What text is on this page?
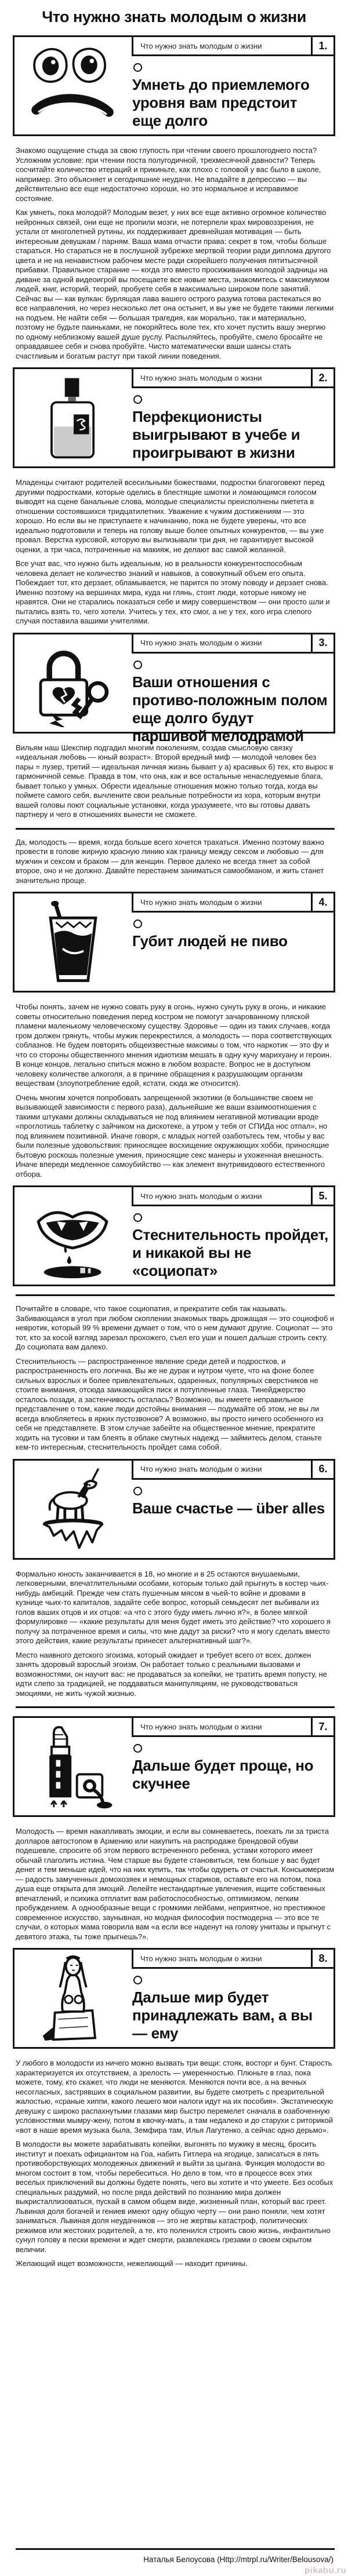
Что нужно знать молодым о жизни
Что нужно знать молодым о жизни	1.
Умнеть до приемлемого уровня вам предстоит еще долго

Знакомо ощущение стыда за свою глупость при чтении своего прошлогоднего поста? Усложним условие: при чтении поста полугодичной, трехмесячной давности? Теперь сосчитайте количество итераций и прикиньте, как плохо с головой у вас было в школе, например. Это объясняет и сегодняшние неудачи. Не впадайте в депрессию — вы действительно все еще недостаточно хороши, но это нормальное и исправимое состояние.

Как умнеть, пока молодой? Молодым везет, у них все еще активно огромное количество нейронных связей, они еще не пропили мозги, не потерпели крах мировоззрения, не устали от многолетней рутины, их поддерживает древнейшая мотивация — быть интересным девушкам / парням. Ваша мама отчасти права: секрет в том, чтобы больше стараться. Но стараться не в послушной зубрежке мертвой теории ради диплома другого цвета и не на ненавистном рабочем месте ради скорейшего получения пятитысячной прибавки. Правильное старание — когда это вместо просиживания молодой задницы на диване за одной видеоигрой вы посещаете все новые места, знакомитесь с максимумом людей, книг, историй, теорий, пробуете себя в максимально широком поле занятий. Сейчас вы — как вулкан: бурлящая лава вашего острого разума готова растекаться во все направления, но через несколько лет она остынет, и вы уже не будете такими легкими на подъем. Не найти себя — большая трагедия, как морально, так и материально, поэтому не будьте паиньками, не покоряйтесь воле тех, кто хочет пустить вашу энергию по одному неблизкому вашей душе руслу. Распыляйтесь, пробуйте, смело бросайте не оправдавшее себя и снова пробуйте. Чисто математически ваши шансы стать счастливым и богатым растут при такой линии поведения.

Что нужно знать молодым о жизни	2.
Перфекционисты выигрывают в учебе и проигрывают в жизни

Младенцы считают родителей всесильными божествами, подростки благоговеют перед другими подростками, которые оделись в блестящие шмотки и ломающимся голосом выводят на сцене банальные слова, молодые специалисты преисполнены пиетета в отношении состоявшихся тридцатилетних. Уважение к чужим достижениям — это хорошо. Но если вы не приступаете к начинанию, пока не будете уверены, что все идеально подготовили и теперь на голову выше более опытных конкурентов, — вы уже провал. Верстка курсовой, которую вы вылизывали три дня, не гарантирует высокой оценки, а три часа, потраченные на макияж, не делают вас самой желанной.

Все учат вас, что нужно быть идеальным, но в реальности конкурентоспособным человека делает не количество знаний и навыков, а совокупный объем его опыта. Побеждает тот, кто дерзает, обламывается, не парится по этому поводу и дерзает снова. Именно поэтому на вершинах мира, куда ни глянь, стоят люди, которые никому не нравятся. Они не старались показаться себе и миру совершенством — они просто шли и пытались взять то, чего хотели. Учитесь у тех, кто смог, а не у тех, кого игра слепого случая поставила вашими учителями.

Что нужно знать молодым о жизни	3.
Ваши отношения с противо-положным полом еще долго будут паршивой мелодрамой

Вильям наш Шекспир подгадил многим поколениям, создав смысловую связку «идеальная любовь — юный возраст». Второй вредный миф — молодой человек без пары = лузер, третий — идеальная личная жизнь бывает у а) красивых б) тех, кто вырос в гармоничной семье. Правда в том, что она, как и все остальные ненаследуемые блага, бывает только у умных. Обрести идеальные отношения можно только тогда, когда вы поймете самого себя, вычлените свои реальные потребности из хора, которым внутри вашей головы поют социальные установки, когда уразумеете, что вы готовы давать партнеру и чего в отношениях вынести не сможете.

Да, молодость — время, когда больше всего хочется трахаться. Именно поэтому важно провести в голове жирную красную линию как границу между сексом и любовью — для мужчин и сексом и браком — для женщин. Первое далеко не всегда тянет за собой второе, оно и не должно. Давайте перестанем заниматься самообманом, и жить станет значительно проще.

Что нужно знать молодым о жизни	4.
Губит людей не пиво

Чтобы понять, зачем не нужно совать руку в огонь, нужно сунуть руку в огонь, и никакие советы относительно поведения перед костром не помогут зачарованному пляской пламени маленькому человеческому существу. Здоровье — один из таких случаев, когда гром должен грянуть, чтобы мужик перекрестился, а молодость — пора соответствующих соблазнов. Не будем повторять общеизвестные максимы о том, что наркотик — это фу и что со стороны общественного мнения идиотизм мешать в одну кучу марихуану и героин. В конце концов, легально спиться можно в любом возрасте. Вопрос не в доступном человеку количестве алкоголя, а в причине обращения к разрушающим организм веществам (злоупотребление едой, кстати, сюда же относится).

Очень многим хочется попробовать запрещенной экзотики (в большинстве своем не вызывающей зависимости с первого раза), дальнейшие же ваши взаимоотношения с такими штуками должны складываться не под влиянием негативной мотивации вроде «проглотишь таблетку с зайчиком на дискотеке, а утром у тебя от СПИДа нос отпал», но под влиянием позитивной. Иначе говоря, с младых ногтей озаботьтесь тем, чтобы у вас были полезные удовольствия: приносящее восхищение окружающих хобби, приносящие бытовую роскошь полезные умения, приносящие секс манеры и ухоженная внешность. Иначе впереди медленное самоубийство — как элемент внутривидового естественного отбора.

Что нужно знать молодым о жизни	5.
Стеснительность пройдет, и никакой вы не «социопат»

Почитайте в словаре, что такое социопатия, и прекратите себя так называть. Забивающаяся в угол при любом скоплении знакомых тварь дрожащая — это социофоб и невротик, который 99 % времени думает о том, что о нем думают другие. Социопат — это тот, кто за косой взгляд зарезал прохожего, съел его уши и пошел дальше строить секту. До социопата вам далеко.

Стеснительность — распространенное явление среди детей и подростков, и распространенность его логична. Вы же не дурак и нутром чуете, что на фоне более сильных взрослых и более привлекательных, одаренных, популярных сверстников не стоите внимания, отсюда заикающийся писк и потупленные глаза. Тинейджерство осталось позади, а застенчивость осталась? Возможно, вы имеете неправильное представление о том, какие люди достойны внимания — подумайте об этом, не вы ли всегда влюбляетесь в ярких пустозвонов? А возможно, вы просто ничего особенного из себя не представляете. В этом случае забейте на общественное мнение, прекратите ходить на тусовки и там блеять в облаке смутных надежд — займитесь делом, станьте кем-то интересным, стеснительность пройдет сама собой.

Что нужно знать молодым о жизни	6.
Ваше счастье — über alles

Формально юность заканчивается в 18, но многие и в 25 остаются внушаемыми, легковерными, впечатлительными особами, которым только дай прыгнуть в костер чьих-нибудь амбиций. Прежде чем стать пушечным мясом в чьей-то войне и дровами в кузнице чьих-то капиталов, задайте себе вопрос, который семьдесят лет выбивали из голов ваших отцов и их отцов: «а что с этого буду иметь лично я?», в более мягкой формулировке — «какие результаты для меня будет иметь это действие? что хорошего я получу за потраченное время и силы, что мне дадут за риски? что я могу сделать вместо этого действия, какие результаты принесет альтернативный шаг?».

Место наивного детского эгоизма, который ожидает и требует всего от всех, должен занять здоровый взрослый эгоизм. Он работает только с реальными вызовами и возможностями, он научит вас: не продаваться за копейки, не тратить время попусту, не идти слепо за традицией, не поддаваться манипуляциям, не руководствоваться эмоциями, не жить чужой жизнью.

Что нужно знать молодым о жизни	7.
Дальше будет проще, но скучнее

Молодость — время накапливать эмоции, и если вы сомневаетесь, поехать ли за триста долларов автостопом в Армению или накупить на распродаже брендовой обуви подешевле, спросите об этом первого встреченного ребенка, устами которого имеет обычай глаголить истина. Чем старше вы будете становиться, тем больше у вас будет денег и тем меньше идей, что на них купить, так чтобы одуреть от счастья. Консьюмеризм — радость замученных домохозяек и немощных стариков, оставьте его на потом, пока душа еще открыта для эмоций. Лелейте нестандартные увлечения, ищите собственных впечатлений, и психика отплатит вам работоспособностью, оптимизмом, легким пробуждением. А однообразные вещи с громкими лейбами, неприятное, но престижное современное искусство, заунывная, но модная философия постмодерна — это все те случаи, о которых мама говорила вам «а если все наденут на голову унитазы и прыгнут с девятого этажа, ты тоже прыгнешь?».

Что нужно знать молодым о жизни	8.
Дальше мир будет принадлежать вам, а вы — ему

У любого в молодости из ничего можно вызвать три вещи: стояк, восторг и бунт. Старость характеризуется их отсутствием, а зрелость — умеренностью. Плюньте в глаз, пока можете, тому, кто скажет, что люди не меняются. Меняются почти все, а на вечных несогласных, застрявших в социальном развитии, вы будете смотреть с презрительной жалостью, «сраные хиппи, какого лешего мои налоги идут на их пособия». Экстатическую девушку с широко распахнутыми глазами мир быстро перемелет сначала в озабоченную условностями мымру-жену, потом в квочку-мать, а там недалеко и до старухи с риторикой «вот в наше время музыка была, Земфира там, Илья Лагутенко, а сейчас одно дерьмо».

В молодости вы можете зарабатывать копейки, выгонять по мужику в месяц, бросить институт и поехать официантом на Гоа, набить Гитлера на ягодице, записаться в пять противоборствующих молодежных движений и выйти за цыгана. Функция молодости во многом состоит в том, чтобы перебеситься. Но дело в том, что в процессе всех этих веселых приключений вы должны будете понять, чего вы хотите и что умеете. Без особых специальных раздумий, но после ряда действий по познанию мира должен выкристаллизоваться, пускай в самом общем виде, жизненный план, который вас греет. Львиная доля богачей и гениев имеют одну общую черту — они рано поняли, чем хотят заниматься. Львиная доля неудачников — это не жертвы катастроф, политических режимов или жестоких родителей, а те, кто поленился строить свою жизнь, инфантильно сунул голову в пески времени и ждет смерти, развлекаясь грезами о своем скрытом величии.

Желающий ищет возможности, нежелающий — находит причины.

Наталья Белоусова (Http://mtrpl.ru/Writer/Belousova/)
pikabu.ru
